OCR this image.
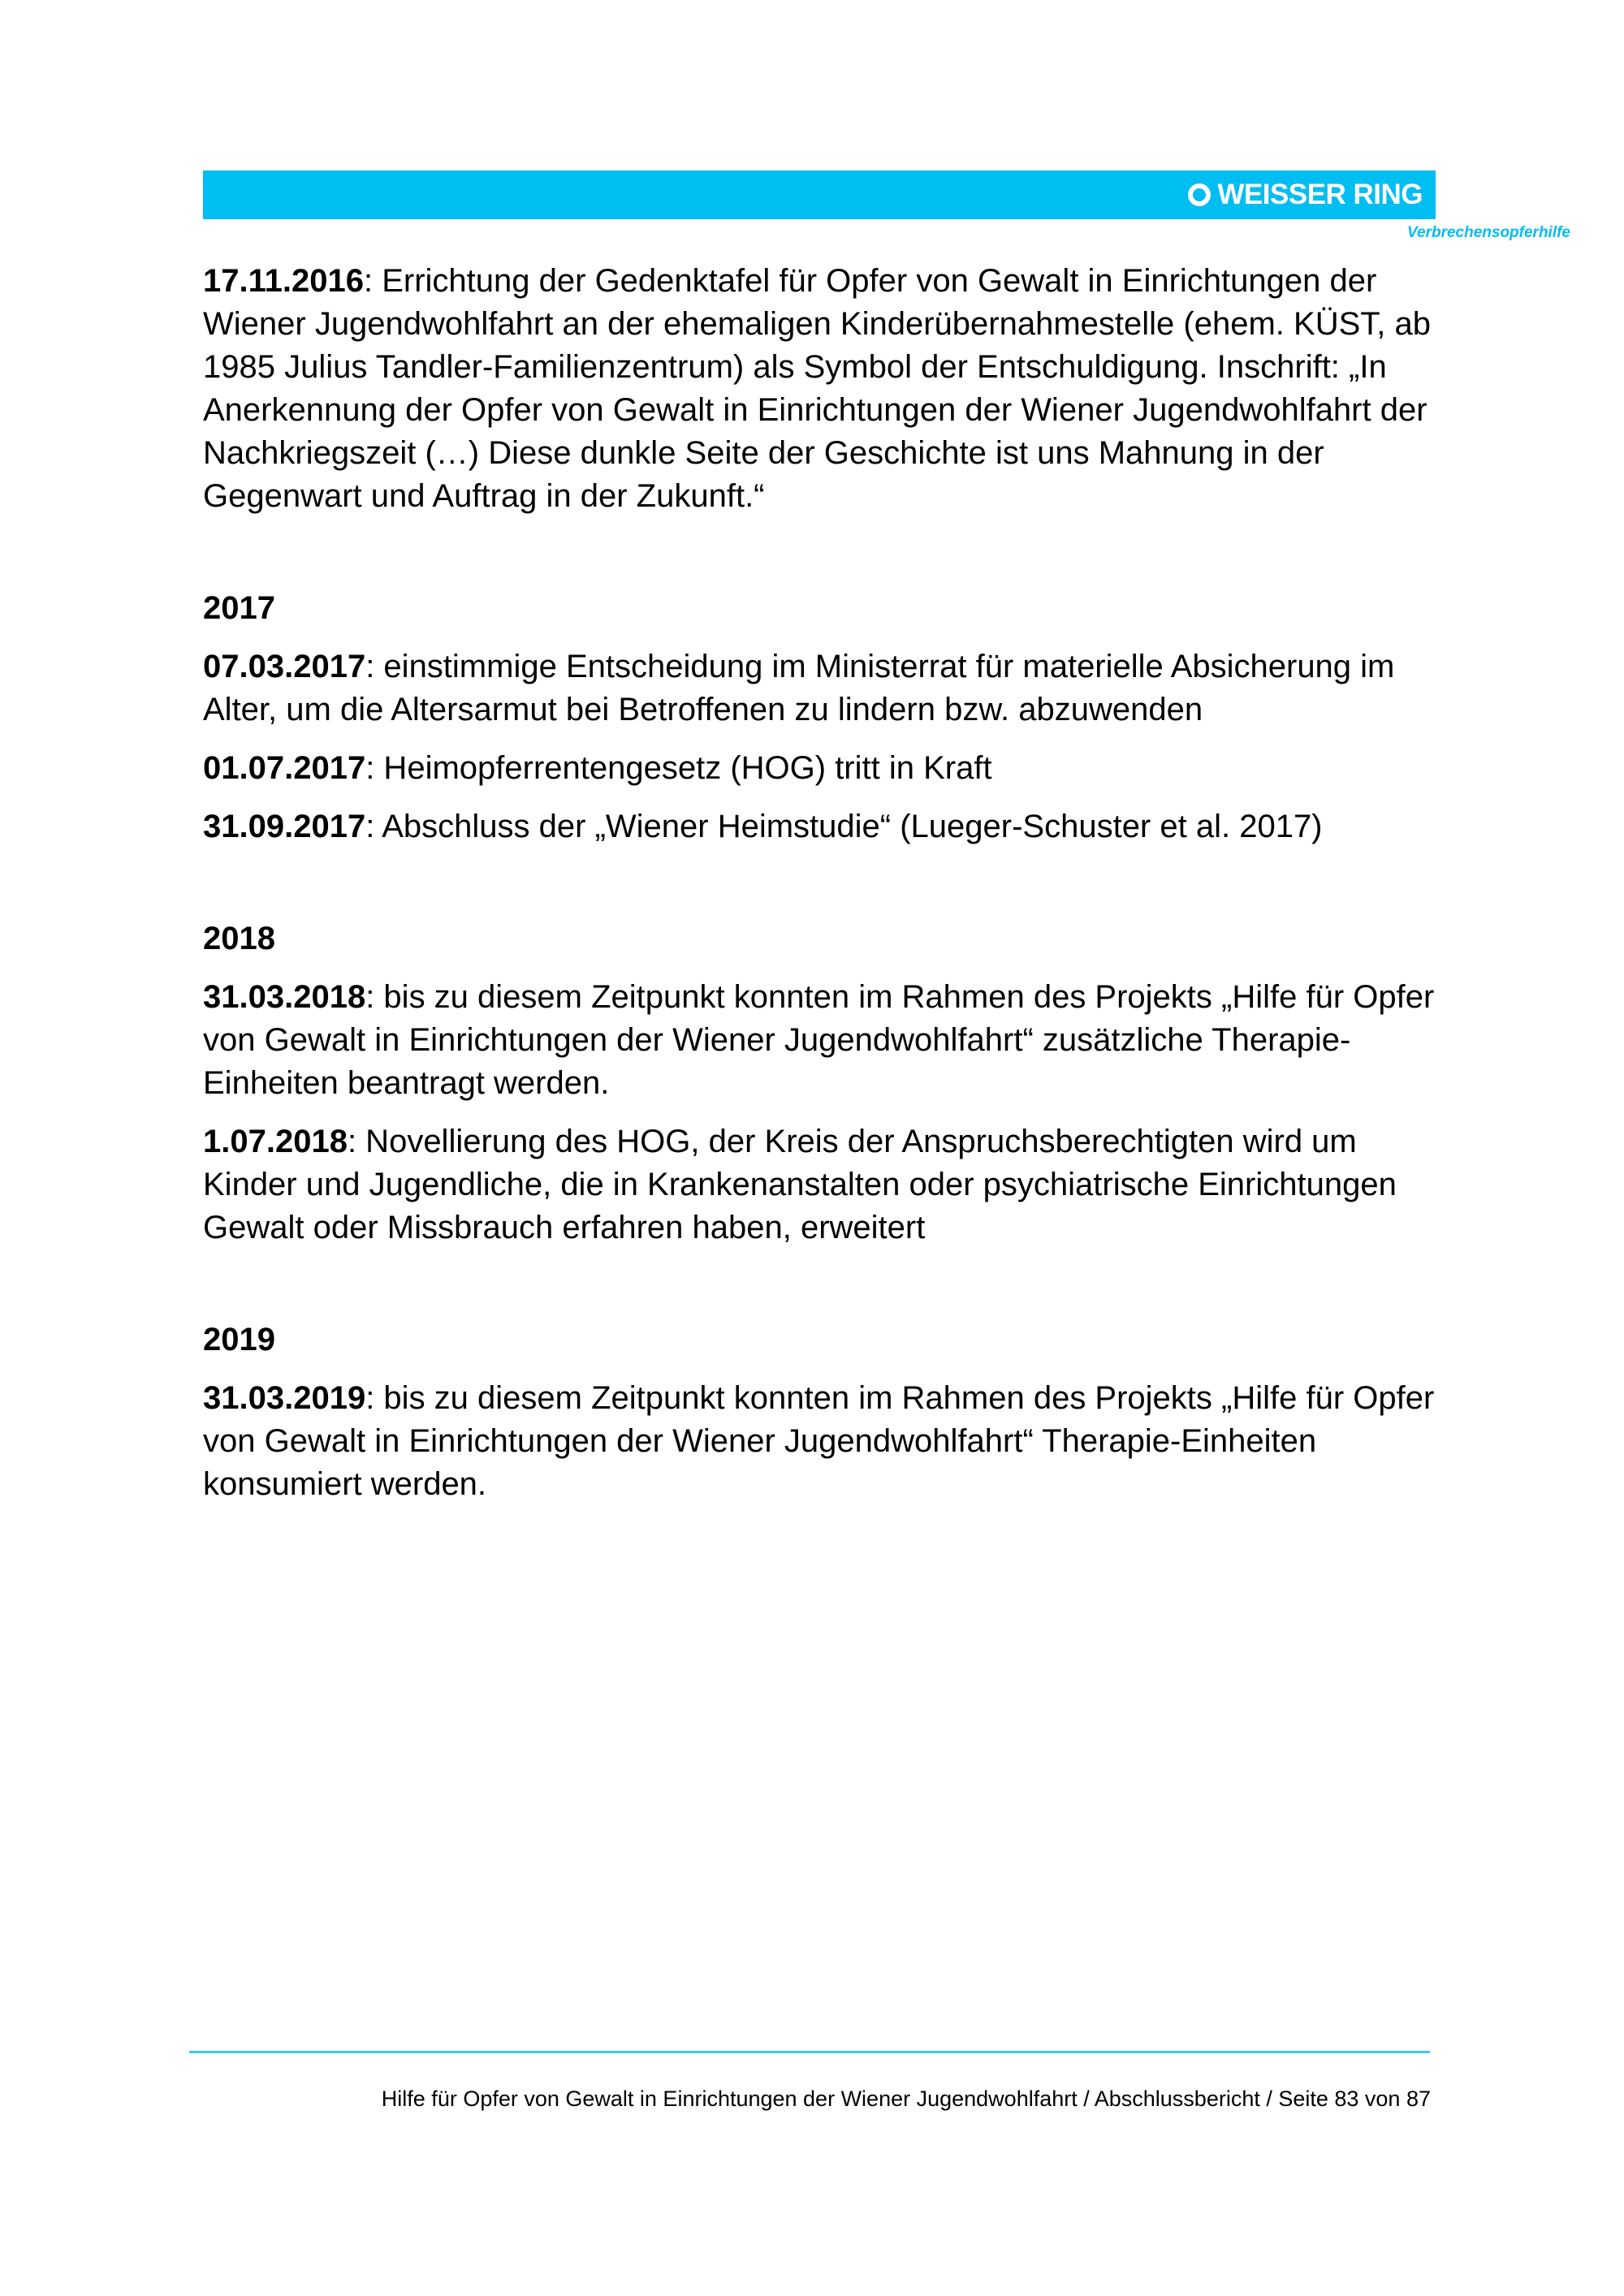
WEISSER RING
Verbrechensopferhilfe

17.11.2016: Errichtung der Gedenktafel für Opfer von Gewalt in Einrichtungen der Wiener Jugendwohlfahrt an der ehemaligen Kinderübernahmestelle (ehem. KÜST, ab 1985 Julius Tandler-Familienzentrum) als Symbol der Entschuldigung. Inschrift: „In Anerkennung der Opfer von Gewalt in Einrichtungen der Wiener Jugendwohlfahrt der Nachkriegszeit (…) Diese dunkle Seite der Geschichte ist uns Mahnung in der Gegenwart und Auftrag in der Zukunft.“

2017

07.03.2017: einstimmige Entscheidung im Ministerrat für materielle Absicherung im Alter, um die Altersarmut bei Betroffenen zu lindern bzw. abzuwenden

01.07.2017: Heimopferrentengesetz (HOG) tritt in Kraft

31.09.2017: Abschluss der „Wiener Heimstudie“ (Lueger-Schuster et al. 2017)

2018

31.03.2018: bis zu diesem Zeitpunkt konnten im Rahmen des Projekts „Hilfe für Opfer von Gewalt in Einrichtungen der Wiener Jugendwohlfahrt“ zusätzliche Therapie-Einheiten beantragt werden.

1.07.2018: Novellierung des HOG, der Kreis der Anspruchsberechtigten wird um Kinder und Jugendliche, die in Krankenanstalten oder psychiatrische Einrichtungen Gewalt oder Missbrauch erfahren haben, erweitert

2019

31.03.2019: bis zu diesem Zeitpunkt konnten im Rahmen des Projekts „Hilfe für Opfer von Gewalt in Einrichtungen der Wiener Jugendwohlfahrt“ Therapie-Einheiten konsumiert werden.

Hilfe für Opfer von Gewalt in Einrichtungen der Wiener Jugendwohlfahrt / Abschlussbericht / Seite 83 von 87
